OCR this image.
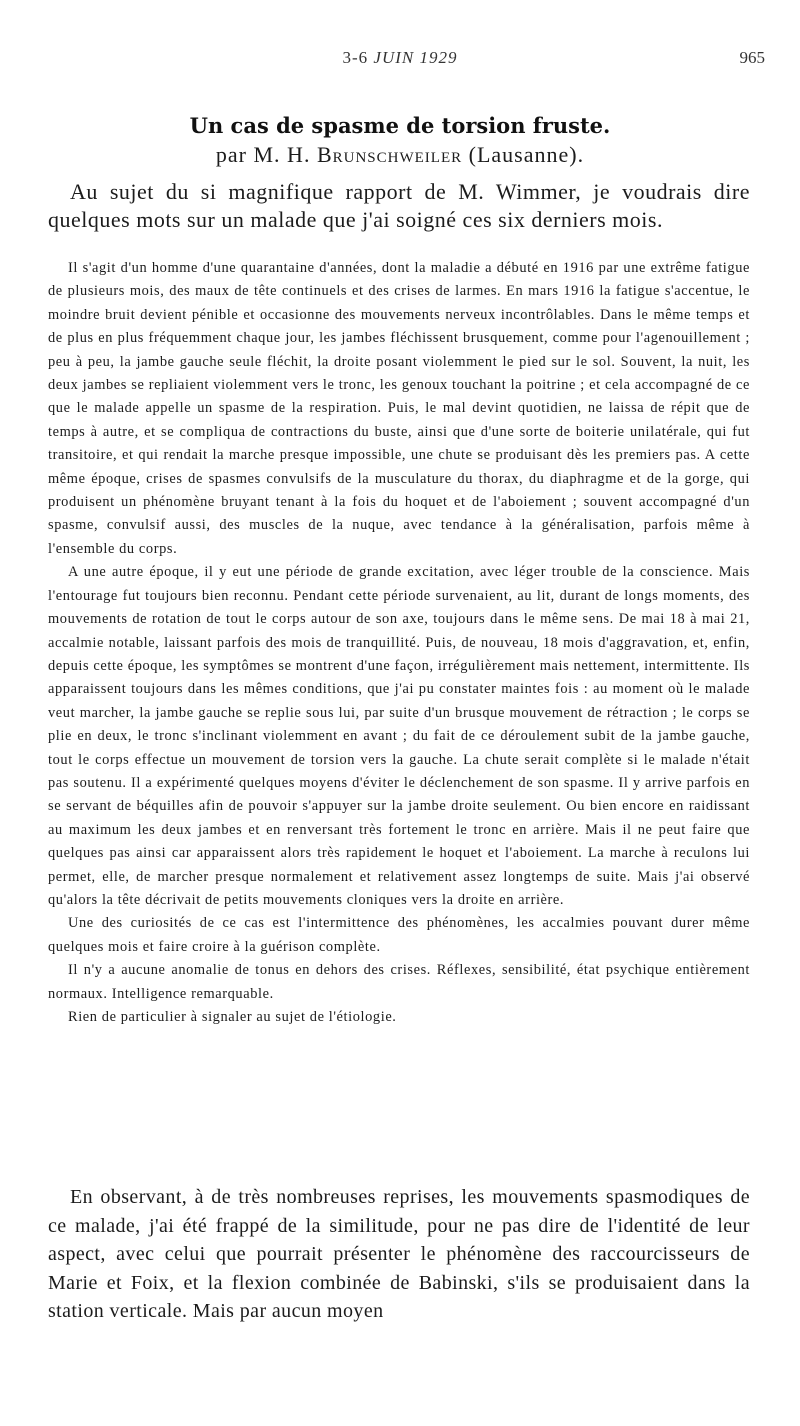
3-6 JUIN 1929	965
Un cas de spasme de torsion fruste.
par M. H. Brunschweiler (Lausanne).

Au sujet du si magnifique rapport de M. Wimmer, je voudrais dire quelques mots sur un malade que j'ai soigné ces six derniers mois.

Il s'agit d'un homme d'une quarantaine d'années, dont la maladie a débuté en 1916 par une extrême fatigue de plusieurs mois, des maux de tête continuels et des crises de larmes. En mars 1916 la fatigue s'accentue, le moindre bruit devient pénible et occasionne des mouvements nerveux incontrôlables. Dans le même temps et de plus en plus fréquemment chaque jour, les jambes fléchissent brusquement, comme pour l'agenouillement ; peu à peu, la jambe gauche seule fléchit, la droite posant violemment le pied sur le sol. Souvent, la nuit, les deux jambes se repliaient violemment vers le tronc, les genoux touchant la poitrine ; et cela accompagné de ce que le malade appelle un spasme de la respiration. Puis, le mal devint quotidien, ne laissa de répit que de temps à autre, et se compliqua de contractions du buste, ainsi que d'une sorte de boiterie unilatérale, qui fut transitoire, et qui rendait la marche presque impossible, une chute se produisant dès les premiers pas. A cette même époque, crises de spasmes convulsifs de la musculature du thorax, du diaphragme et de la gorge, qui produisent un phénomène bruyant tenant à la fois du hoquet et de l'aboiement ; souvent accompagné d'un spasme, convulsif aussi, des muscles de la nuque, avec tendance à la généralisation, parfois même à l'ensemble du corps.

A une autre époque, il y eut une période de grande excitation, avec léger trouble de la conscience. Mais l'entourage fut toujours bien reconnu. Pendant cette période survenaient, au lit, durant de longs moments, des mouvements de rotation de tout le corps autour de son axe, toujours dans le même sens. De mai 18 à mai 21, accalmie notable, laissant parfois des mois de tranquillité. Puis, de nouveau, 18 mois d'aggravation, et, enfin, depuis cette époque, les symptômes se montrent d'une façon, irrégulièrement mais nettement, intermittente. Ils apparaissent toujours dans les mêmes conditions, que j'ai pu constater maintes fois : au moment où le malade veut marcher, la jambe gauche se replie sous lui, par suite d'un brusque mouvement de rétraction ; le corps se plie en deux, le tronc s'inclinant violemment en avant ; du fait de ce déroulement subit de la jambe gauche, tout le corps effectue un mouvement de torsion vers la gauche. La chute serait complète si le malade n'était pas soutenu. Il a expérimenté quelques moyens d'éviter le déclenchement de son spasme. Il y arrive parfois en se servant de béquilles afin de pouvoir s'appuyer sur la jambe droite seulement. Ou bien encore en raidissant au maximum les deux jambes et en renversant très fortement le tronc en arrière. Mais il ne peut faire que quelques pas ainsi car apparaissent alors très rapidement le hoquet et l'aboiement. La marche à reculons lui permet, elle, de marcher presque normalement et relativement assez longtemps de suite. Mais j'ai observé qu'alors la tête décrivait de petits mouvements cloniques vers la droite en arrière.

Une des curiosités de ce cas est l'intermittence des phénomènes, les accalmies pouvant durer même quelques mois et faire croire à la guérison complète.

Il n'y a aucune anomalie de tonus en dehors des crises. Réflexes, sensibilité, état psychique entièrement normaux. Intelligence remarquable.

Rien de particulier à signaler au sujet de l'étiologie.

En observant, à de très nombreuses reprises, les mouvements spasmodiques de ce malade, j'ai été frappé de la similitude, pour ne pas dire de l'identité de leur aspect, avec celui que pourrait présenter le phénomène des raccourcisseurs de Marie et Foix, et la flexion combinée de Babinski, s'ils se produisaient dans la station verticale. Mais par aucun moyen
